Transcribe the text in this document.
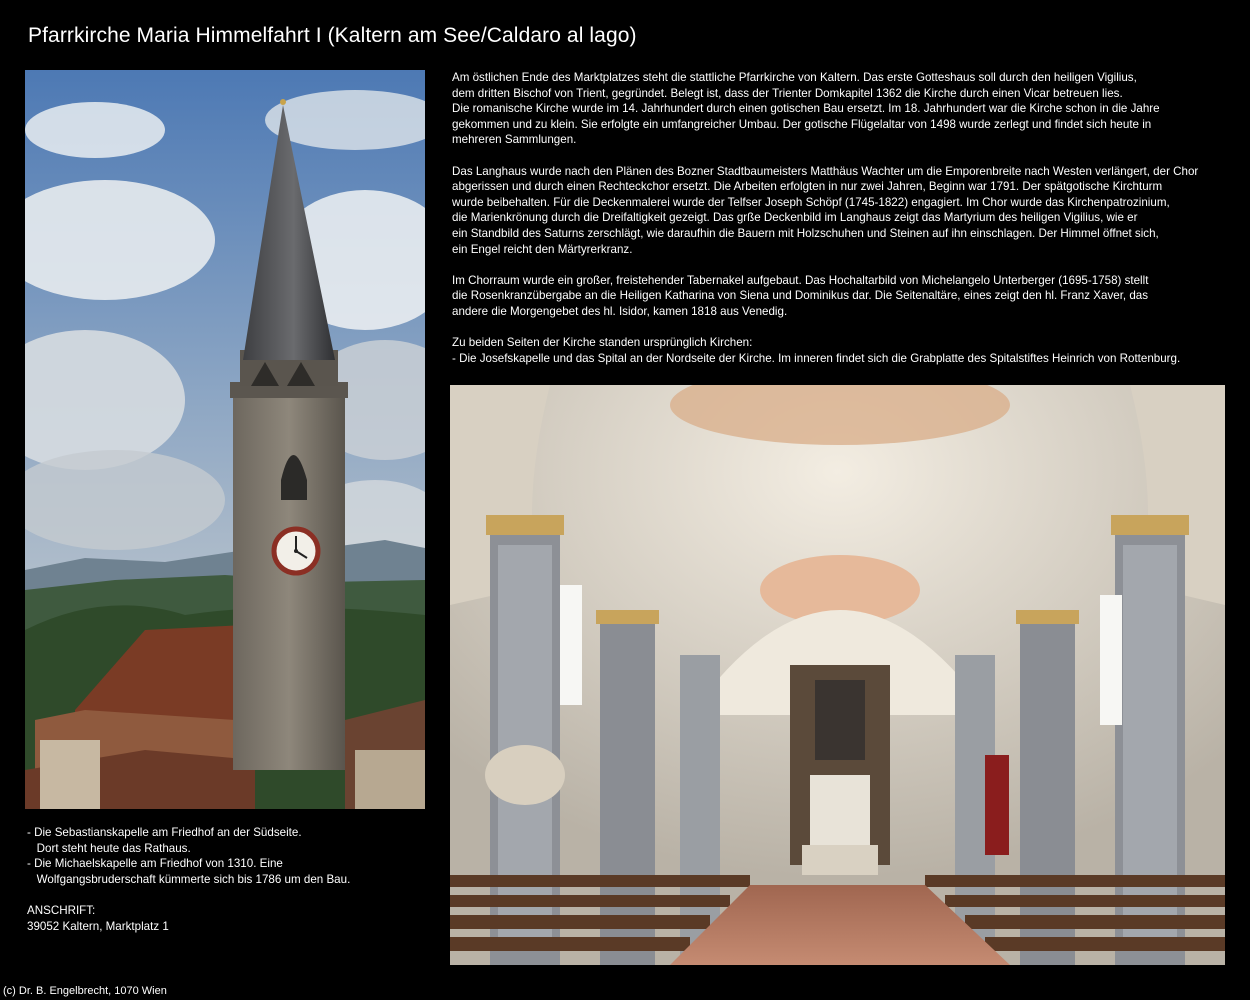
Pfarrkirche Maria Himmelfahrt I (Kaltern am See/Caldaro al lago)

Am östlichen Ende des Marktplatzes steht die stattliche Pfarrkirche von Kaltern. Das erste Gotteshaus soll durch den heiligen Vigilius,
dem dritten Bischof von Trient, gegründet. Belegt ist, dass der Trienter Domkapitel 1362 die Kirche durch einen Vicar betreuen lies.
Die romanische Kirche wurde im 14. Jahrhundert durch einen gotischen Bau ersetzt. Im 18. Jahrhundert war die Kirche schon in die Jahre
gekommen und zu klein. Sie erfolgte ein umfangreicher Umbau. Der gotische Flügelaltar von 1498 wurde zerlegt und findet sich heute in
mehreren Sammlungen.

Das Langhaus wurde nach den Plänen des Bozner Stadtbaumeisters Matthäus Wachter um die Emporenbreite nach Westen verlängert, der Chor
abgerissen und durch einen Rechteckchor ersetzt. Die Arbeiten erfolgten in nur zwei Jahren, Beginn war 1791. Der spätgotische Kirchturm
wurde beibehalten. Für die Deckenmalerei wurde der Telfser Joseph Schöpf (1745-1822) engagiert. Im Chor wurde das Kirchenpatrozinium,
die Marienkrönung durch die Dreifaltigkeit gezeigt. Das grße Deckenbild im Langhaus zeigt das Martyrium des heiligen Vigilius, wie er
ein Standbild des Saturns zerschlägt, wie daraufhin die Bauern mit Holzschuhen und Steinen auf ihn einschlagen. Der Himmel öffnet sich,
ein Engel reicht den Märtyrerkranz.

Im Chorraum wurde ein großer, freistehender Tabernakel aufgebaut. Das Hochaltarbild von Michelangelo Unterberger (1695-1758) stellt
die Rosenkranzübergabe an die Heiligen Katharina von Siena und Dominikus dar. Die Seitenaltäre, eines zeigt den hl. Franz Xaver, das
andere die Morgengebet des hl. Isidor, kamen 1818 aus Venedig.

Zu beiden Seiten der Kirche standen ursprünglich Kirchen:
- Die Josefskapelle und das Spital an der Nordseite der Kirche. Im inneren findet sich die Grabplatte des Spitalstiftes Heinrich von Rottenburg.

- Die Sebastianskapelle am Friedhof an der Südseite.
Dort steht heute das Rathaus.
- Die Michaelskapelle am Friedhof von 1310. Eine
Wolfgangsbruderschaft kümmerte sich bis 1786 um den Bau.
ANSCHRIFT:
39052 Kaltern, Marktplatz 1
(c) Dr. B. Engelbrecht, 1070 Wien
